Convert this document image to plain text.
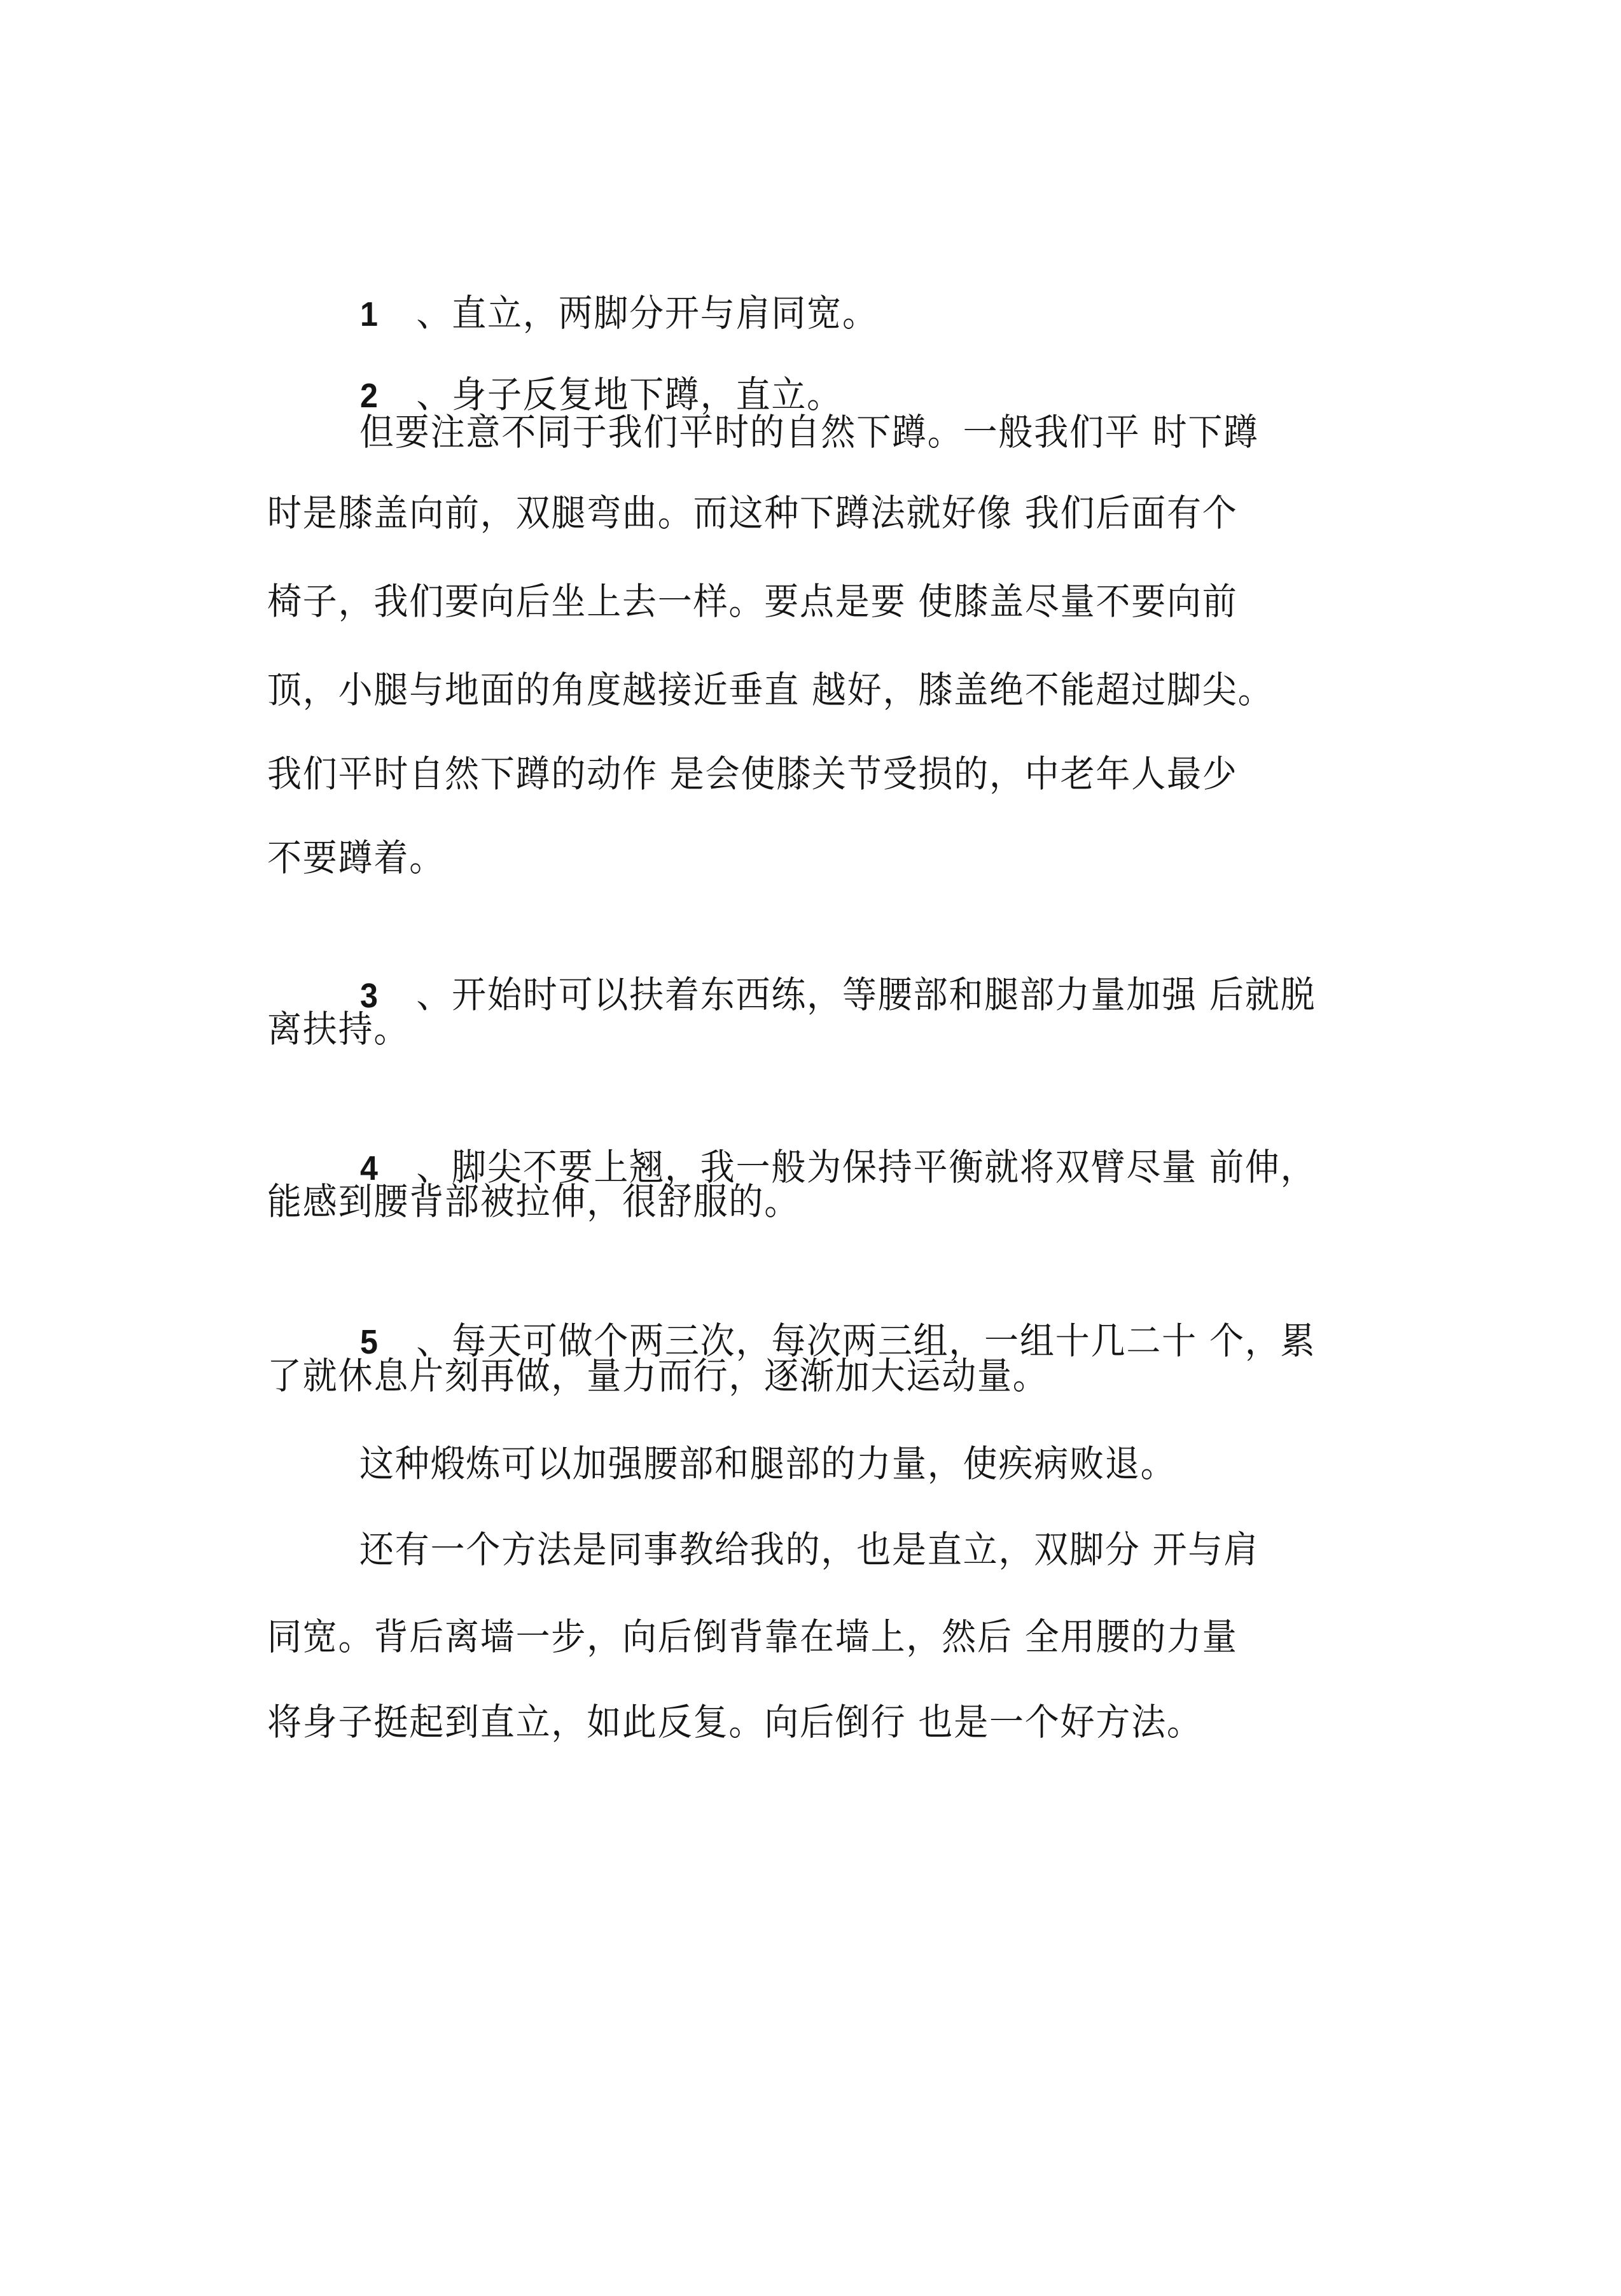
1 、直立，两脚分开与肩同宽。

2 、身子反复地下蹲，直立。

但要注意不同于我们平时的自然下蹲。一般我们平 时下蹲
时是膝盖向前，双腿弯曲。而这种下蹲法就好像 我们后面有个
椅子，我们要向后坐上去一样。要点是要 使膝盖尽量不要向前
顶，小腿与地面的角度越接近垂直 越好，膝盖绝不能超过脚尖。
我们平时自然下蹲的动作 是会使膝关节受损的，中老年人最少
不要蹲着。

3 、开始时可以扶着东西练，等腰部和腿部力量加强 后就脱

离扶持。

4 、脚尖不要上翘，我一般为保持平衡就将双臂尽量 前伸，

能感到腰背部被拉伸，很舒服的。

5 、每天可做个两三次，每次两三组，一组十几二十 个，累

了就休息片刻再做，量力而行，逐渐加大运动量。
这种煅炼可以加强腰部和腿部的力量，使疾病败退。
还有一个方法是同事教给我的，也是直立，双脚分 开与肩
同宽。背后离墙一步，向后倒背靠在墙上，然后 全用腰的力量
将身子挺起到直立，如此反复。向后倒行 也是一个好方法。
